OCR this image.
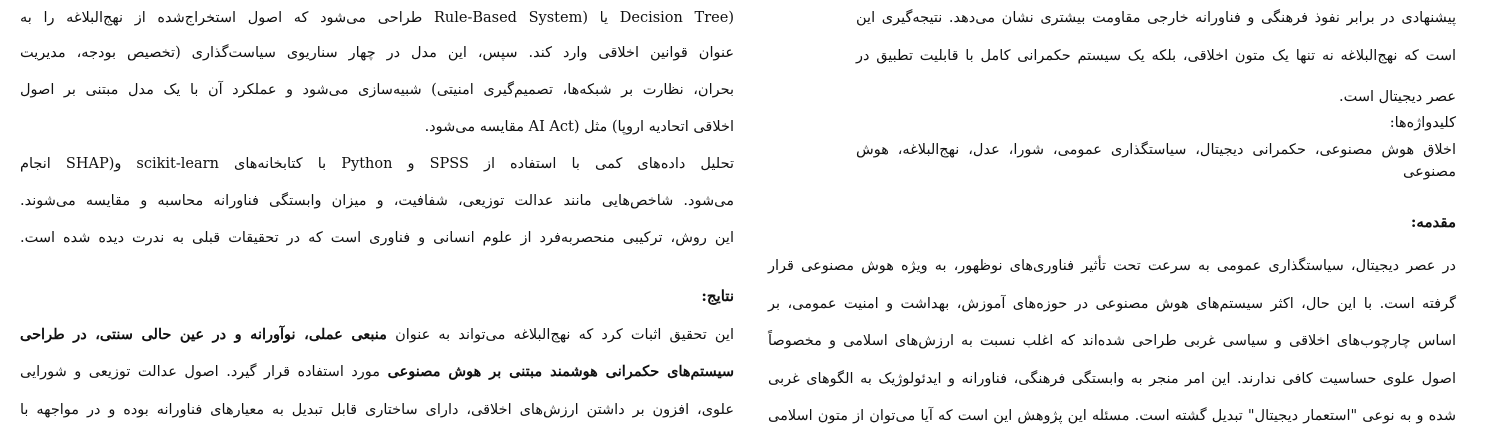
(Decision Tree یا (Rule-Based System طراحی می‌شود که اصول استخراج‌شده از نهج‌البلاغه را به
عنوان قوانین اخلاقی وارد کند. سپس، این مدل در چهار سناریوی سیاست‌گذاری (تخصیص بودجه، مدیریت
بحران، نظارت بر شبکه‌ها، تصمیم‌گیری امنیتی) شبیه‌سازی می‌شود و عملکرد آن با یک مدل مبتنی بر اصول
اخلاقی اتحادیه اروپا) مثل (AI Act مقایسه می‌شود.
تحلیل داده‌های کمی با استفاده از SPSS و Python با کتابخانه‌های scikit-learn و(SHAP انجام
می‌شود. شاخص‌هایی مانند عدالت توزیعی، شفافیت، و میزان وابستگی فناورانه محاسبه و مقایسه می‌شوند.
این روش، ترکیبی منحصربه‌فرد از علوم انسانی و فناوری است که در تحقیقات قبلی به ندرت دیده شده است.
نتایج:
این تحقیق اثبات کرد که نهج‌البلاغه می‌تواند به عنوان منبعی عملی، نوآورانه و در عین حالی سنتی، در طراحی
سیستم‌های حکمرانی هوشمند مبتنی بر هوش مصنوعی مورد استفاده قرار گیرد. اصول عدالت توزیعی و شورایی
علوی، افزون بر داشتن ارزش‌های اخلاقی، دارای ساختاری قابل تبدیل به معیارهای فناورانه بوده و در مواجهه با
پیشنهادی در برابر نفوذ فرهنگی و فناورانه خارجی مقاومت بیشتری نشان می‌دهد. نتیجه‌گیری این
است که نهج‌البلاغه نه تنها یک متون اخلاقی، بلکه یک سیستم حکمرانی کامل با قابلیت تطبیق در
عصر دیجیتال است.
کلیدواژه‌ها:
اخلاق هوش مصنوعی، حکمرانی دیجیتال، سیاستگذاری عمومی، شورا، عدل، نهج‌البلاغه، هوش
مصنوعی
مقدمه:
در عصر دیجیتال، سیاستگذاری عمومی به سرعت تحت تأثیر فناوری‌های نوظهور، به ویژه هوش مصنوعی قرار
گرفته است. با این حال، اکثر سیستم‌های هوش مصنوعی در حوزه‌های آموزش، بهداشت و امنیت عمومی، بر
اساس چارچوب‌های اخلاقی و سیاسی غربی طراحی شده‌اند که اغلب نسبت به ارزش‌های اسلامی و مخصوصاً
اصول علوی حساسیت کافی ندارند. این امر منجر به وابستگی فرهنگی، فناورانه و ایدئولوژیک به الگوهای غربی
شده و به نوعی "استعمار دیجیتال" تبدیل گشته است. مسئله این پژوهش این است که آیا می‌توان از متون اسلامی
